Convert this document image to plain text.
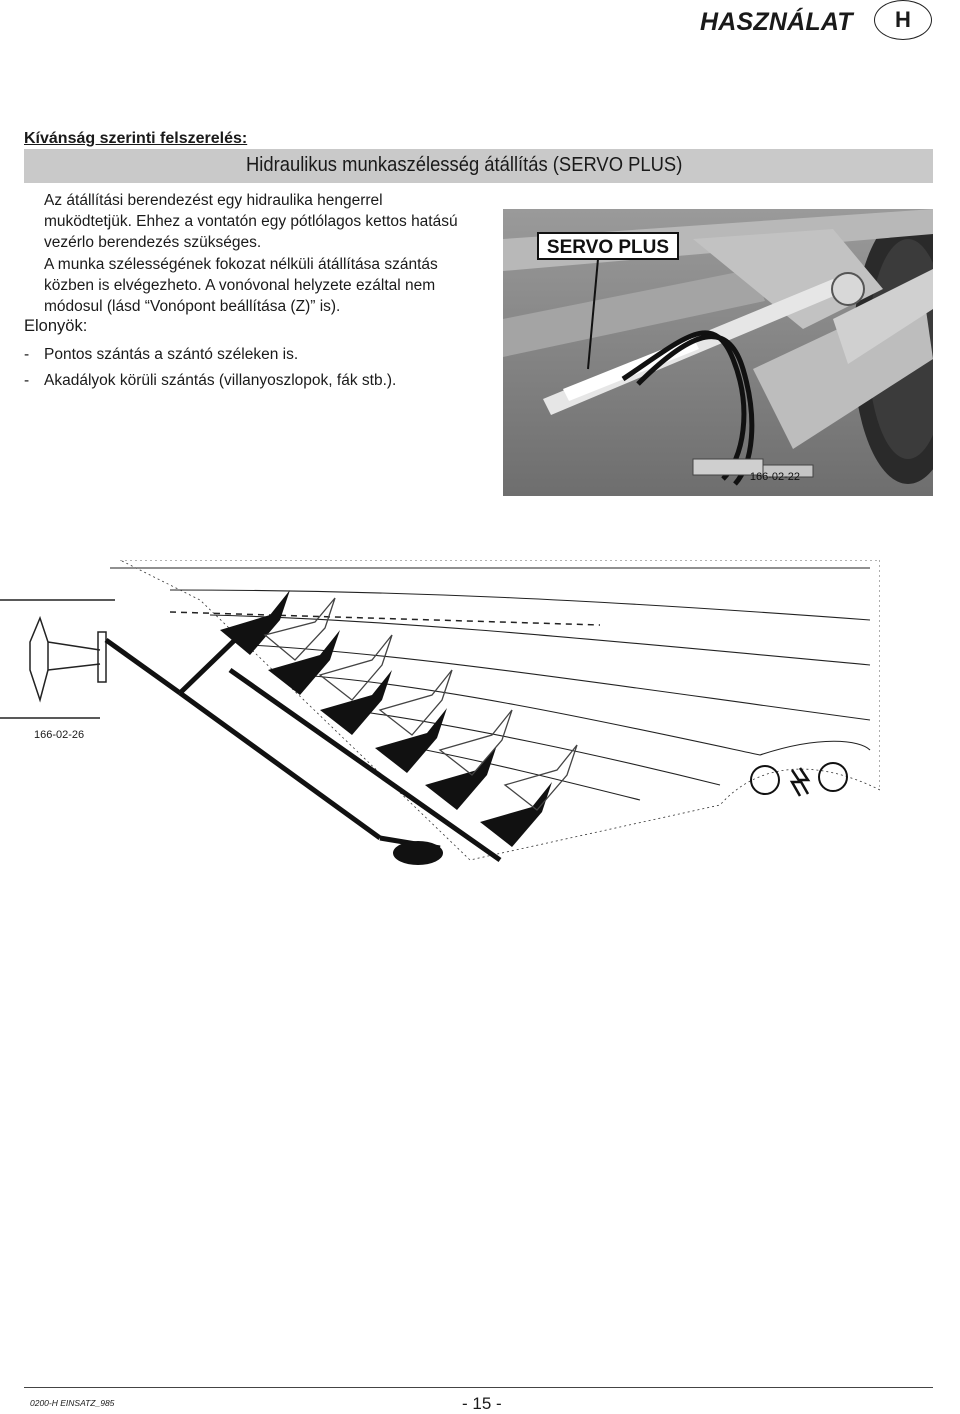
HASZNÁLAT	H
Kívánság szerinti felszerelés:
Hidraulikus munkaszélesség átállítás (SERVO PLUS)
Az átállítási berendezést egy hidraulika hengerrel muködtetjük. Ehhez a vontatón egy pótlólagos kettos hatású vezérlo berendezés szükséges.
A munka szélességének fokozat nélküli átállítása szántás közben is elvégezheto. A vonóvonal helyzete ezáltal nem módosul (lásd “Vonópont beállítása (Z)” is).
Elonyök:
- Pontos szántás a szántó széleken is.
- Akadályok körüli szántás (villanyoszlopok, fák stb.).
SERVO PLUS
166-02-22
166-02-26
0200-H EINSATZ_985	- 15 -
